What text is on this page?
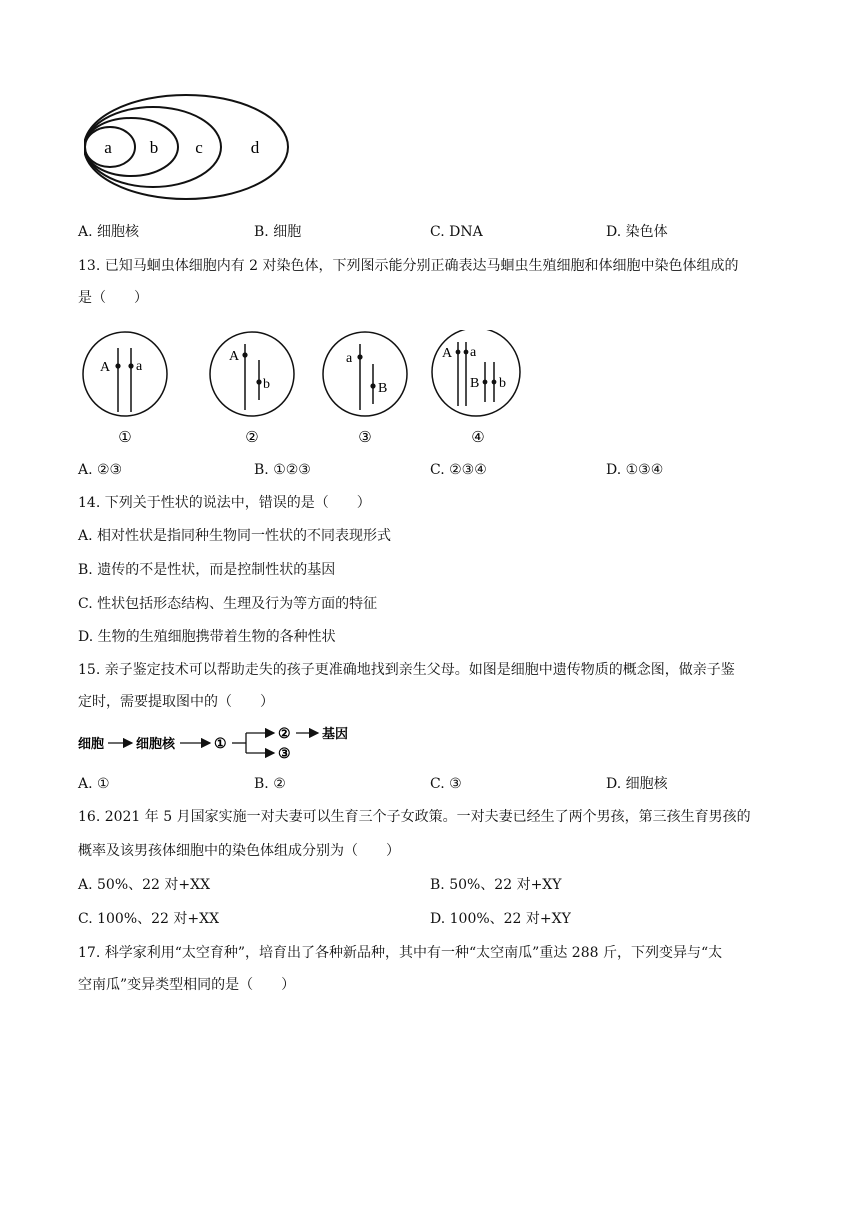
a b c	d
A. 细胞核	B. 细胞	C. DNA	D. 染色体
13. 已知马蛔虫体细胞内有 2 对染色体，下列图示能分别正确表达马蛔虫生殖细胞和体细胞中染色体组成的
是（　　）
A a
①
A
b
②
a
B
③
A a
B b
④
A. ②③	B. ①②③	C. ②③④	D. ①③④
14. 下列关于性状的说法中，错误的是（　　）
A. 相对性状是指同种生物同一性状的不同表现形式
B. 遗传的不是性状，而是控制性状的基因
C. 性状包括形态结构、生理及行为等方面的特征
D. 生物的生殖细胞携带着生物的各种性状
15. 亲子鉴定技术可以帮助走失的孩子更准确地找到亲生父母。如图是细胞中遗传物质的概念图，做亲子鉴
定时，需要提取图中的（　　）
细胞 细胞核	①
② 基因
③
A. ①	B. ②	C. ③	D. 细胞核
16. 2021 年 5 月国家实施一对夫妻可以生育三个子女政策。一对夫妻已经生了两个男孩，第三孩生育男孩的
概率及该男孩体细胞中的染色体组成分别为（　　）
A. 50%、22 对+XX	B. 50%、22 对+XY
C. 100%、22 对+XX	D. 100%、22 对+XY
17. 科学家利用“太空育种”，培育出了各种新品种，其中有一种“太空南瓜”重达 288 斤，下列变异与“太
空南瓜”变异类型相同的是（　　）
